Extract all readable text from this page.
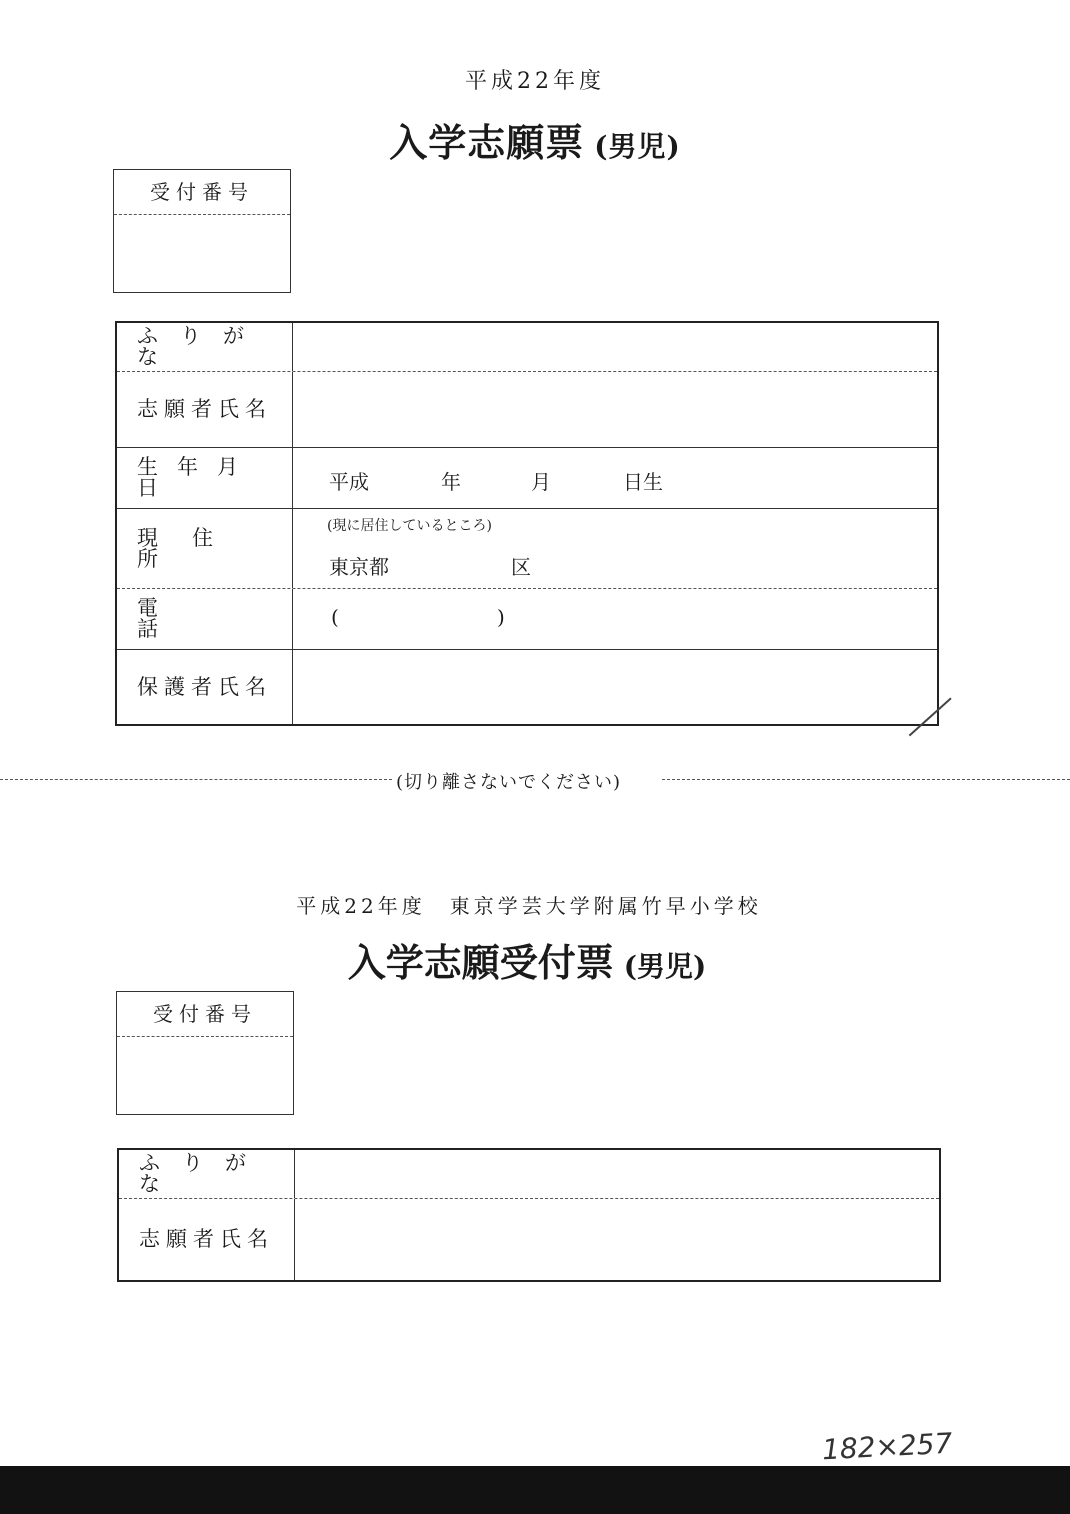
平成22年度
入学志願票 (男児)
受付番号
ふりがな
志願者氏名
生年月日	平成	年	月	日生
現住所
(現に居住しているところ)
東京都	区
電話	(	)
保護者氏名
(切り離さないでください)
平成22年度　東京学芸大学附属竹早小学校
入学志願受付票 (男児)
受付番号
ふりがな
志願者氏名
182×257
